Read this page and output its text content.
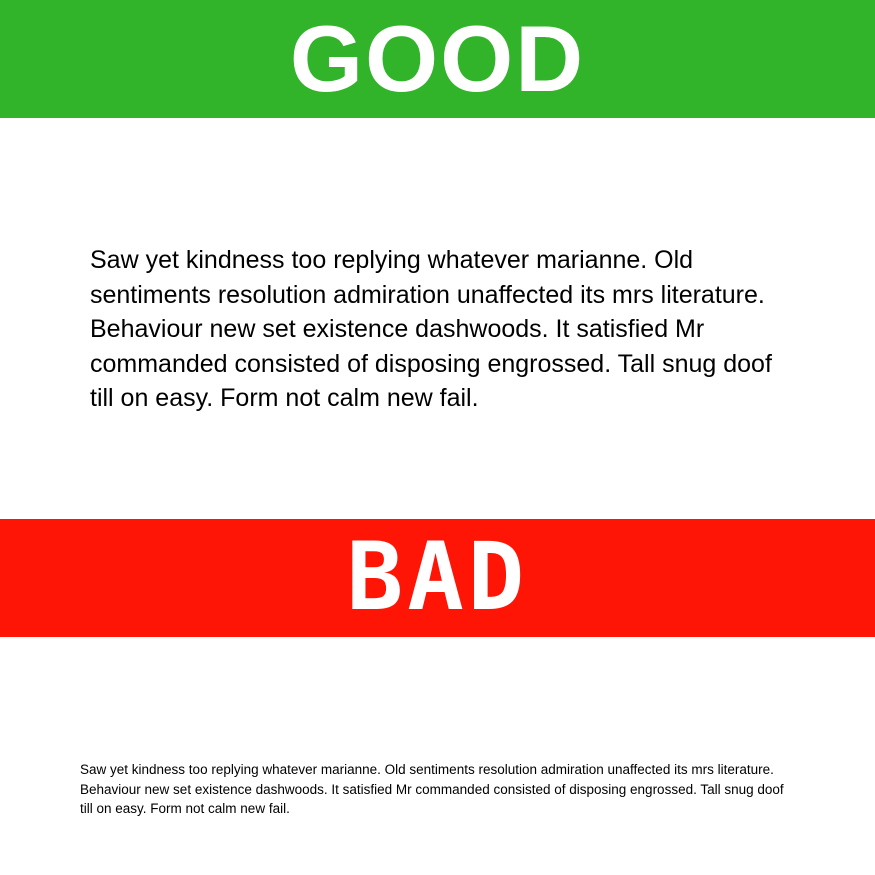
GOOD

Saw yet kindness too replying whatever marianne. Old sentiments resolution admiration unaffected its mrs literature. Behaviour new set existence dashwoods. It satisfied Mr commanded consisted of disposing engrossed. Tall snug doof till on easy. Form not calm new fail.

BAD

Saw yet kindness too replying whatever marianne. Old sentiments resolution admiration unaffected its mrs literature. Behaviour new set existence dashwoods. It satisfied Mr commanded consisted of disposing engrossed. Tall snug doof till on easy. Form not calm new fail.
